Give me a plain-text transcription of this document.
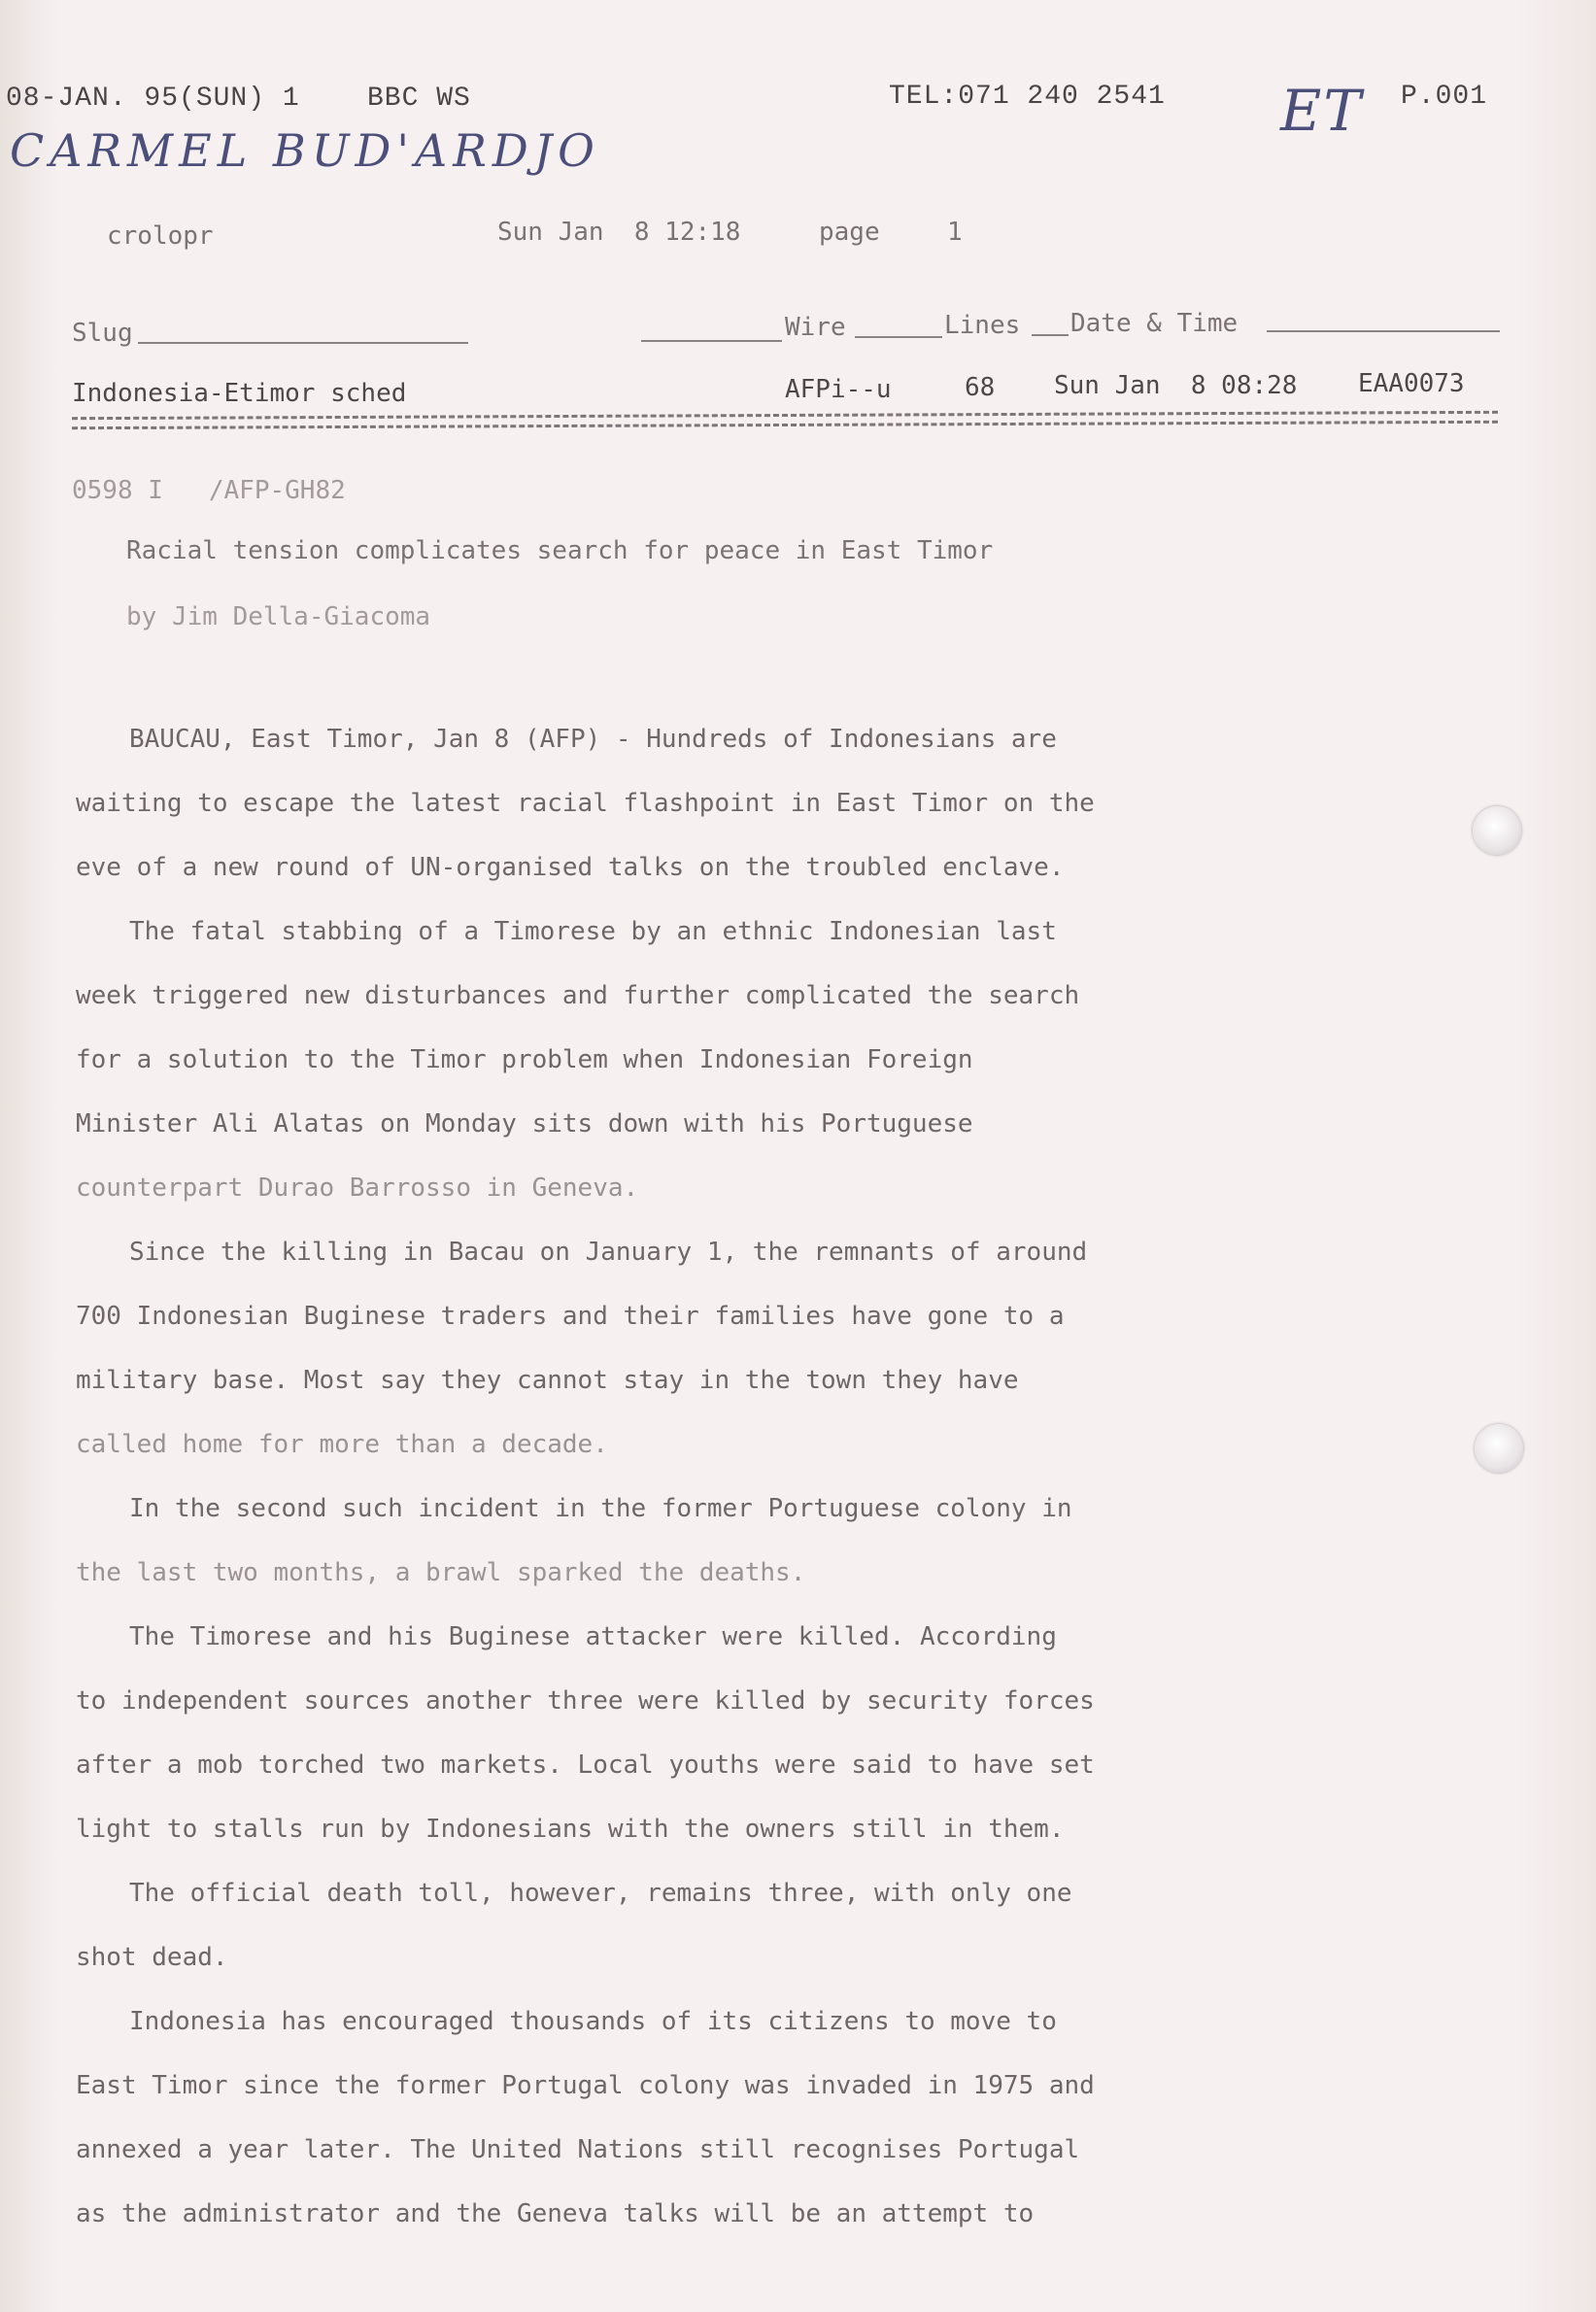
08-JAN. 95(SUN) 1 BBC WS	TEL:071 240 2541	P.001
CARMEL BUD'ARDJO
ET
crolopr	Sun Jan  8 12:18	page	1
Slug	Wire	Lines Date & Time
Indonesia-Etimor sched	AFPi--u	68 Sun Jan  8 08:28 EAA0073
0598 I   /AFP-GH82
Racial tension complicates search for peace in East Timor
by Jim Della-Giacoma
BAUCAU, East Timor, Jan 8 (AFP) - Hundreds of Indonesians are
waiting to escape the latest racial flashpoint in East Timor on the
eve of a new round of UN-organised talks on the troubled enclave.
The fatal stabbing of a Timorese by an ethnic Indonesian last
week triggered new disturbances and further complicated the search
for a solution to the Timor problem when Indonesian Foreign
Minister Ali Alatas on Monday sits down with his Portuguese
counterpart Durao Barrosso in Geneva.
Since the killing in Bacau on January 1, the remnants of around
700 Indonesian Buginese traders and their families have gone to a
military base. Most say they cannot stay in the town they have
called home for more than a decade.
In the second such incident in the former Portuguese colony in
the last two months, a brawl sparked the deaths.
The Timorese and his Buginese attacker were killed. According
to independent sources another three were killed by security forces
after a mob torched two markets. Local youths were said to have set
light to stalls run by Indonesians with the owners still in them.
The official death toll, however, remains three, with only one
shot dead.
Indonesia has encouraged thousands of its citizens to move to
East Timor since the former Portugal colony was invaded in 1975 and
annexed a year later. The United Nations still recognises Portugal
as the administrator and the Geneva talks will be an attempt to
